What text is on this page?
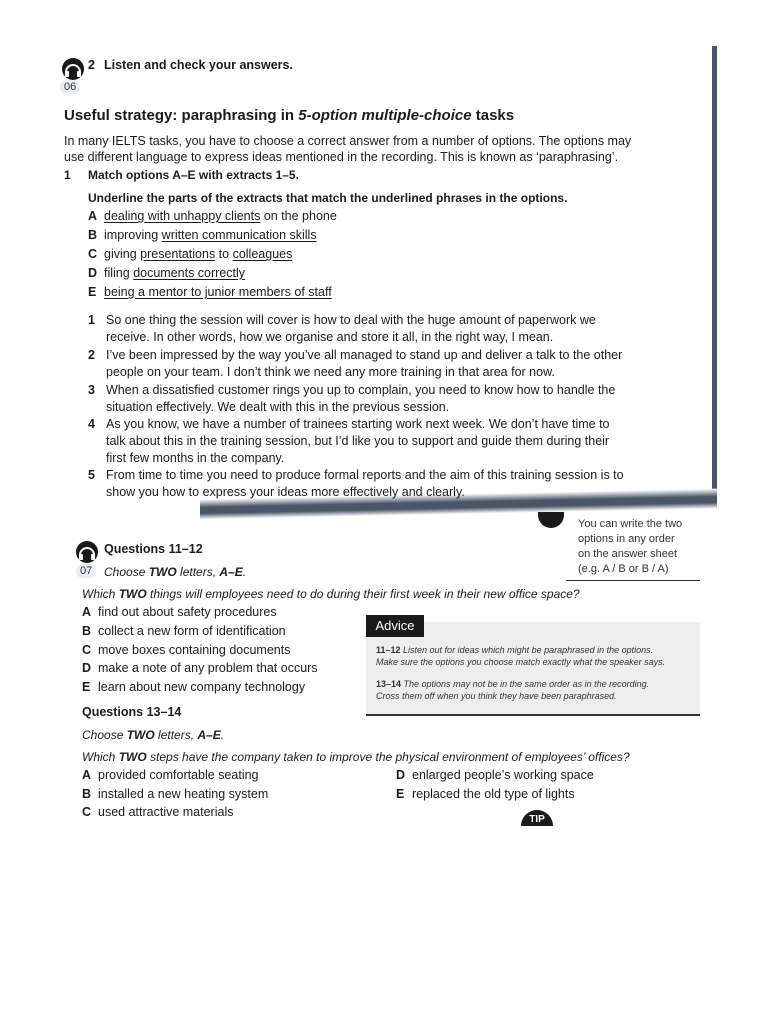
06
2 Listen and check your answers.
Useful strategy: paraphrasing in 5-option multiple-choice tasks
In many IELTS tasks, you have to choose a correct answer from a number of options. The options may
use different language to express ideas mentioned in the recording. This is known as ‘paraphrasing’.
1 Match options A–E with extracts 1–5.
Underline the parts of the extracts that match the underlined phrases in the options.
A dealing with unhappy clients on the phone
B improving written communication skills
C giving presentations to colleagues
D filing documents correctly
E being a mentor to junior members of staff
1 So one thing the session will cover is how to deal with the huge amount of paperwork we receive. In other words, how we organise and store it all, in the right way, I mean.
2 I’ve been impressed by the way you’ve all managed to stand up and deliver a talk to the other people on your team. I don’t think we need any more training in that area for now.
3 When a dissatisfied customer rings you up to complain, you need to know how to handle the situation effectively. We dealt with this in the previous session.
4 As you know, we have a number of trainees starting work next week. We don’t have time to talk about this in the training session, but I’d like you to support and guide them during their first few months in the company.
5 From time to time you need to produce formal reports and the aim of this training session is to show you how to express your ideas more effectively and clearly.
You can write the two
options in any order
on the answer sheet
(e.g. A / B or B / A)
07
Questions 11–12
Choose TWO letters, A–E.
Which TWO things will employees need to do during their first week in their new office space?
A find out about safety procedures
B collect a new form of identification
C move boxes containing documents
D make a note of any problem that occurs
E learn about new company technology
Advice
11–12 Listen out for ideas which might be paraphrased in the options.
Make sure the options you choose match exactly what the speaker says.
13–14 The options may not be in the same order as in the recording.
Cross them off when you think they have been paraphrased.
Questions 13–14
Choose TWO letters, A–E.
Which TWO steps have the company taken to improve the physical environment of employees’ offices?
A provided comfortable seating
B installed a new heating system
C used attractive materials
D enlarged people’s working space
E replaced the old type of lights
TIP
